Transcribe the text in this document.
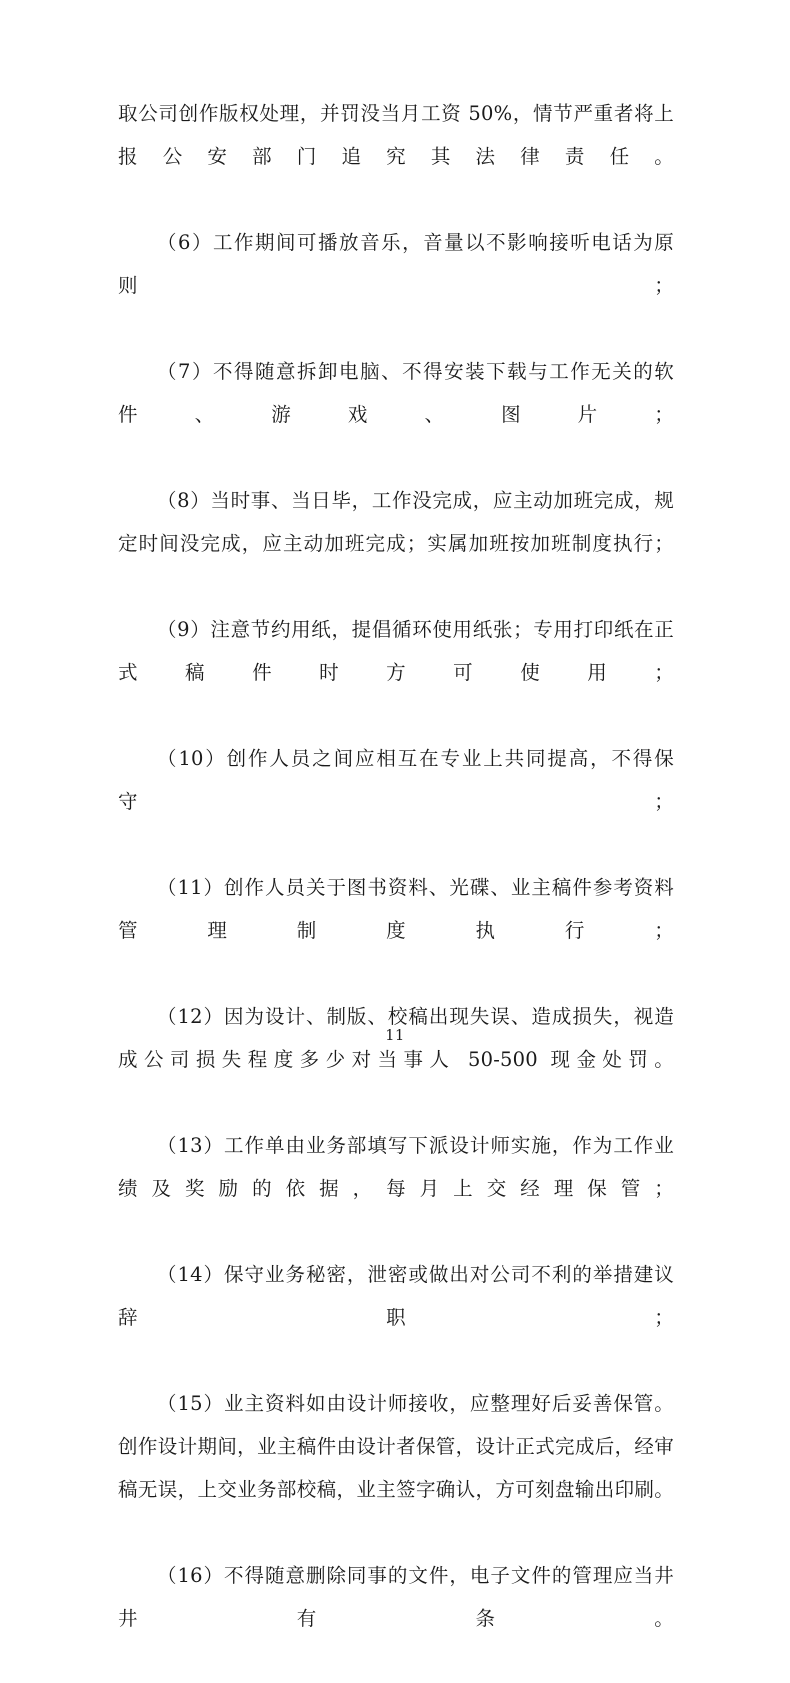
取公司创作版权处理，并罚没当月工资 50%，情节严重者将上报公安部门追究其法律责任。

（6）工作期间可播放音乐，音量以不影响接听电话为原则；

（7）不得随意拆卸电脑、不得安装下载与工作无关的软件、游戏、图片；

（8）当时事、当日毕，工作没完成，应主动加班完成，规定时间没完成，应主动加班完成；实属加班按加班制度执行；

（9）注意节约用纸，提倡循环使用纸张；专用打印纸在正式稿件时方可使用；

（10）创作人员之间应相互在专业上共同提高，不得保守；

（11）创作人员关于图书资料、光碟、业主稿件参考资料管理制度执行；

（12）因为设计、制版、校稿出现失误、造成损失，视造成公司损失程度多少对当事人 50-500 现金处罚。

（13）工作单由业务部填写下派设计师实施，作为工作业绩及奖励的依据，每月上交经理保管；

（14）保守业务秘密，泄密或做出对公司不利的举措建议辞职；

（15）业主资料如由设计师接收，应整理好后妥善保管。创作设计期间，业主稿件由设计者保管，设计正式完成后，经审稿无误，上交业务部校稿，业主签字确认，方可刻盘输出印刷。

（16）不得随意删除同事的文件，电子文件的管理应当井井有条。

11
